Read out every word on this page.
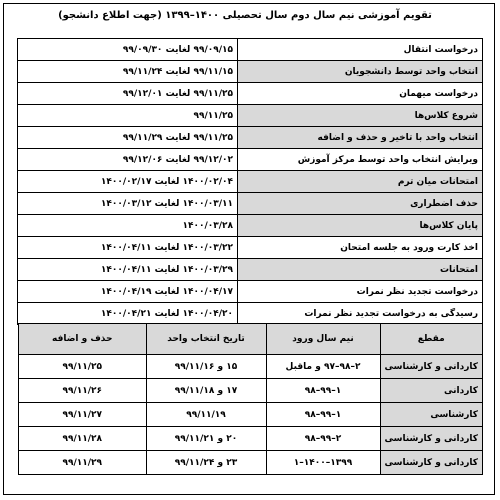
تقویم آموزشی نیم سال دوم سال تحصیلی ۱۴۰۰–۱۳۹۹ (جهت اطلاع دانشجو)
درخواست انتقال	۹۹/۰۹/۱۵ لغایت ۹۹/۰۹/۳۰
انتخاب واحد توسط دانشجویان	۹۹/۱۱/۱۵ لغایت ۹۹/۱۱/۲۴
درخواست میهمان	۹۹/۱۱/۲۵ لغایت ۹۹/۱۲/۰۱
شروع کلاس‌ها	۹۹/۱۱/۲۵
انتخاب واحد با تاخیر و حذف و اضافه	۹۹/۱۱/۲۵ لغایت ۹۹/۱۱/۲۹
ویرایش انتخاب واحد توسط مرکز آموزش	۹۹/۱۲/۰۲ لغایت ۹۹/۱۲/۰۶
امتحانات میان ترم	۱۴۰۰/۰۲/۰۴ لغایت ۱۴۰۰/۰۲/۱۷
حذف اضطراری	۱۴۰۰/۰۳/۱۱ لغایت ۱۴۰۰/۰۳/۱۲
پایان کلاس‌ها	۱۴۰۰/۰۳/۲۸
اخذ کارت ورود به جلسه امتحان	۱۴۰۰/۰۳/۲۲ لغایت ۱۴۰۰/۰۴/۱۱
امتحانات	۱۴۰۰/۰۳/۲۹ لغایت ۱۴۰۰/۰۴/۱۱
درخواست تجدید نظر نمرات	۱۴۰۰/۰۴/۱۷ لغایت ۱۴۰۰/۰۴/۱۹
رسیدگی به درخواست تجدید نظر نمرات	۱۴۰۰/۰۴/۲۰ لغایت ۱۴۰۰/۰۴/۲۱
مقطع	نیم سال ورود	تاریخ انتخاب واحد	حذف و اضافه
کاردانی و کارشناسی	۲–۹۸–۹۷ و ماقبل	۱۵ و ۹۹/۱۱/۱۶	۹۹/۱۱/۲۵
کاردانی	۱–۹۹–۹۸	۱۷ و ۹۹/۱۱/۱۸	۹۹/۱۱/۲۶
کارشناسی	۱–۹۹–۹۸	۹۹/۱۱/۱۹	۹۹/۱۱/۲۷
کاردانی و کارشناسی	۲–۹۹–۹۸	۲۰ و ۹۹/۱۱/۲۱	۹۹/۱۱/۲۸
کاردانی و کارشناسی	۱۳۹۹–۱۴۰۰–۱	۲۳ و ۹۹/۱۱/۲۴	۹۹/۱۱/۲۹
